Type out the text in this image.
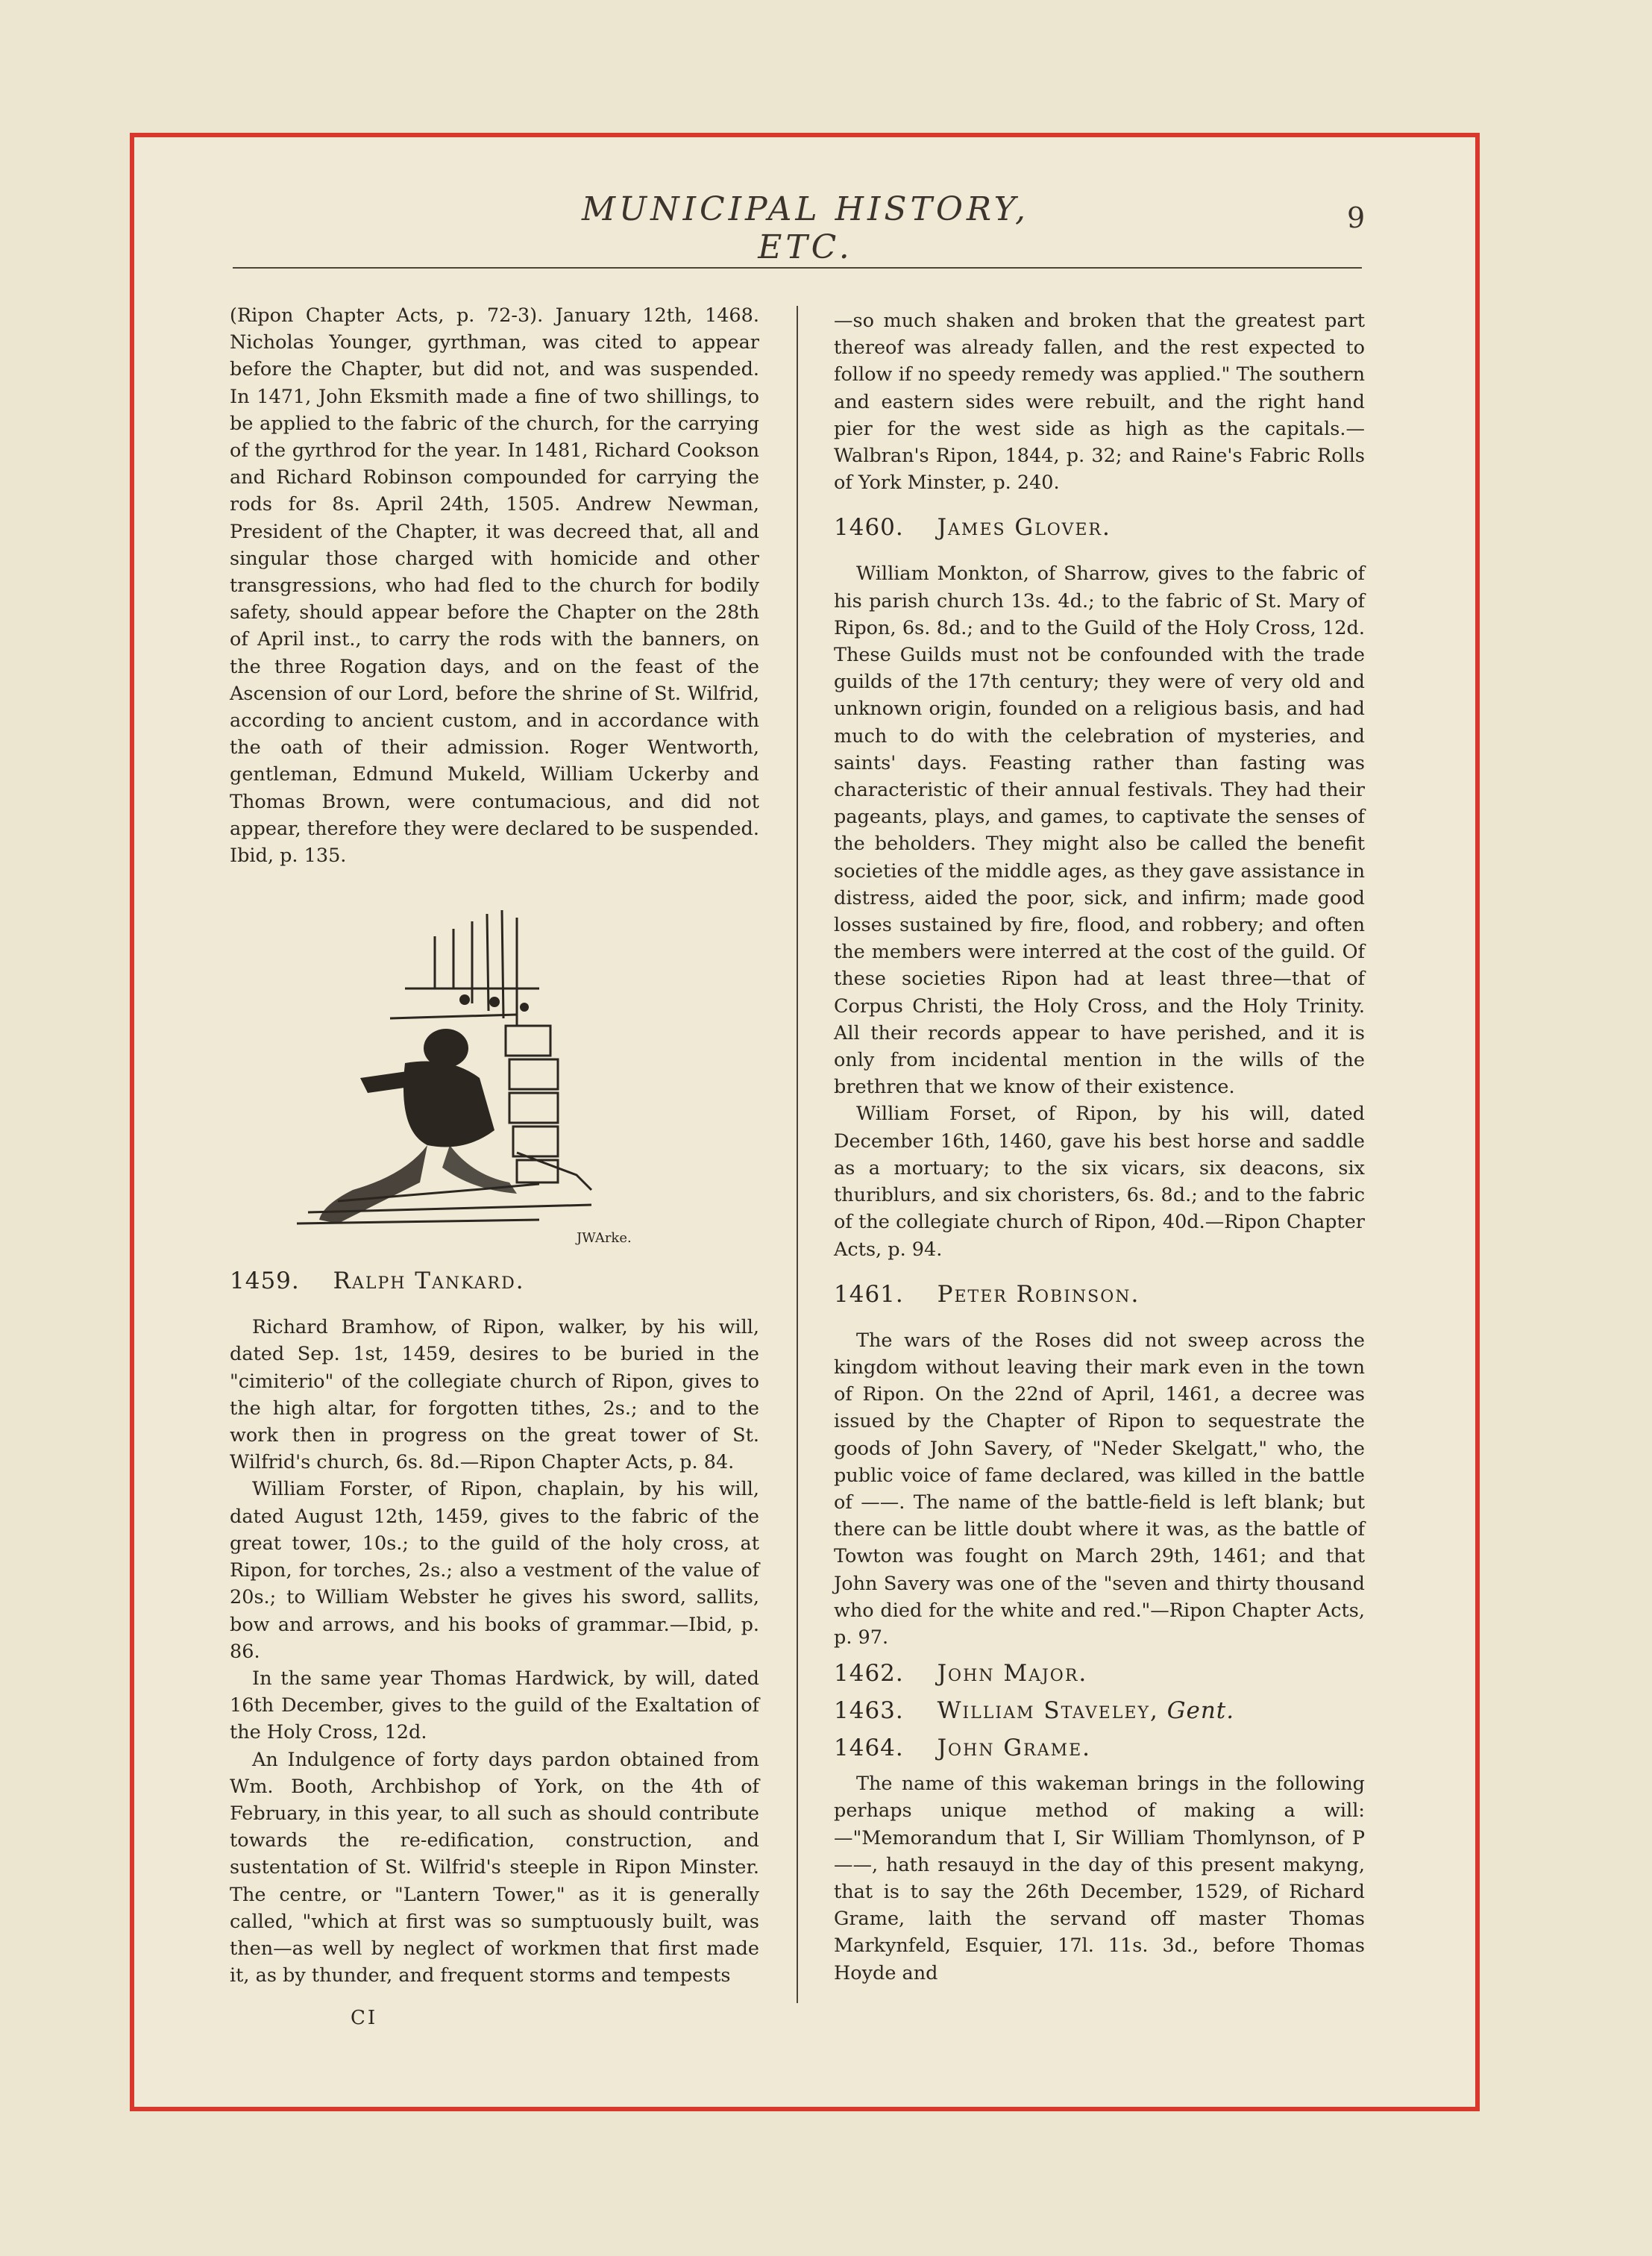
MUNICIPAL HISTORY, ETC.
9

(Ripon Chapter Acts, p. 72-3). January 12th, 1468. Nicholas Younger, gyrthman, was cited to appear before the Chapter, but did not, and was suspended. In 1471, John Eksmith made a fine of two shillings, to be applied to the fabric of the church, for the carrying of the gyrthrod for the year. In 1481, Richard Cookson and Richard Robinson compounded for carrying the rods for 8s. April 24th, 1505. Andrew Newman, President of the Chapter, it was decreed that, all and singular those charged with homicide and other transgressions, who had fled to the church for bodily safety, should appear before the Chapter on the 28th of April inst., to carry the rods with the banners, on the three Rogation days, and on the feast of the Ascension of our Lord, before the shrine of St. Wilfrid, according to ancient custom, and in accordance with the oath of their admission. Roger Wentworth, gentleman, Edmund Mukeld, William Uckerby and Thomas Brown, were contumacious, and did not appear, therefore they were declared to be suspended. Ibid, p. 135.

JWArke.
1459. Ralph Tankard.

Richard Bramhow, of Ripon, walker, by his will, dated Sep. 1st, 1459, desires to be buried in the "cimiterio" of the collegiate church of Ripon, gives to the high altar, for forgotten tithes, 2s.; and to the work then in progress on the great tower of St. Wilfrid's church, 6s. 8d.—Ripon Chapter Acts, p. 84.

William Forster, of Ripon, chaplain, by his will, dated August 12th, 1459, gives to the fabric of the great tower, 10s.; to the guild of the holy cross, at Ripon, for torches, 2s.; also a vestment of the value of 20s.; to William Webster he gives his sword, sallits, bow and arrows, and his books of grammar.—Ibid, p. 86.

In the same year Thomas Hardwick, by will, dated 16th December, gives to the guild of the Exaltation of the Holy Cross, 12d.

An Indulgence of forty days pardon obtained from Wm. Booth, Archbishop of York, on the 4th of February, in this year, to all such as should contribute towards the re-edification, construction, and sustentation of St. Wilfrid's steeple in Ripon Minster. The centre, or "Lantern Tower," as it is generally called, "which at first was so sumptuously built, was then—as well by neglect of workmen that first made it, as by thunder, and frequent storms and tempests

—so much shaken and broken that the greatest part thereof was already fallen, and the rest expected to follow if no speedy remedy was applied." The southern and eastern sides were rebuilt, and the right hand pier for the west side as high as the capitals.—Walbran's Ripon, 1844, p. 32; and Raine's Fabric Rolls of York Minster, p. 240.

1460. James Glover.

William Monkton, of Sharrow, gives to the fabric of his parish church 13s. 4d.; to the fabric of St. Mary of Ripon, 6s. 8d.; and to the Guild of the Holy Cross, 12d. These Guilds must not be confounded with the trade guilds of the 17th century; they were of very old and unknown origin, founded on a religious basis, and had much to do with the celebration of mysteries, and saints' days. Feasting rather than fasting was characteristic of their annual festivals. They had their pageants, plays, and games, to captivate the senses of the beholders. They might also be called the benefit societies of the middle ages, as they gave assistance in distress, aided the poor, sick, and infirm; made good losses sustained by fire, flood, and robbery; and often the members were interred at the cost of the guild. Of these societies Ripon had at least three—that of Corpus Christi, the Holy Cross, and the Holy Trinity. All their records appear to have perished, and it is only from incidental mention in the wills of the brethren that we know of their existence.

William Forset, of Ripon, by his will, dated December 16th, 1460, gave his best horse and saddle as a mortuary; to the six vicars, six deacons, six thuriblurs, and six choristers, 6s. 8d.; and to the fabric of the collegiate church of Ripon, 40d.—Ripon Chapter Acts, p. 94.

1461. Peter Robinson.

The wars of the Roses did not sweep across the kingdom without leaving their mark even in the town of Ripon. On the 22nd of April, 1461, a decree was issued by the Chapter of Ripon to sequestrate the goods of John Savery, of "Neder Skelgatt," who, the public voice of fame declared, was killed in the battle of ——. The name of the battle-field is left blank; but there can be little doubt where it was, as the battle of Towton was fought on March 29th, 1461; and that John Savery was one of the "seven and thirty thousand who died for the white and red."—Ripon Chapter Acts, p. 97.

1462. John Major.
1463. William Staveley, Gent.
1464. John Grame.

The name of this wakeman brings in the following perhaps unique method of making a will:—"Memorandum that I, Sir William Thomlynson, of P——, hath resauyd in the day of this present makyng, that is to say the 26th December, 1529, of Richard Grame, laith the servand off master Thomas Markynfeld, Esquier, 17l. 11s. 3d., before Thomas Hoyde and

CI
